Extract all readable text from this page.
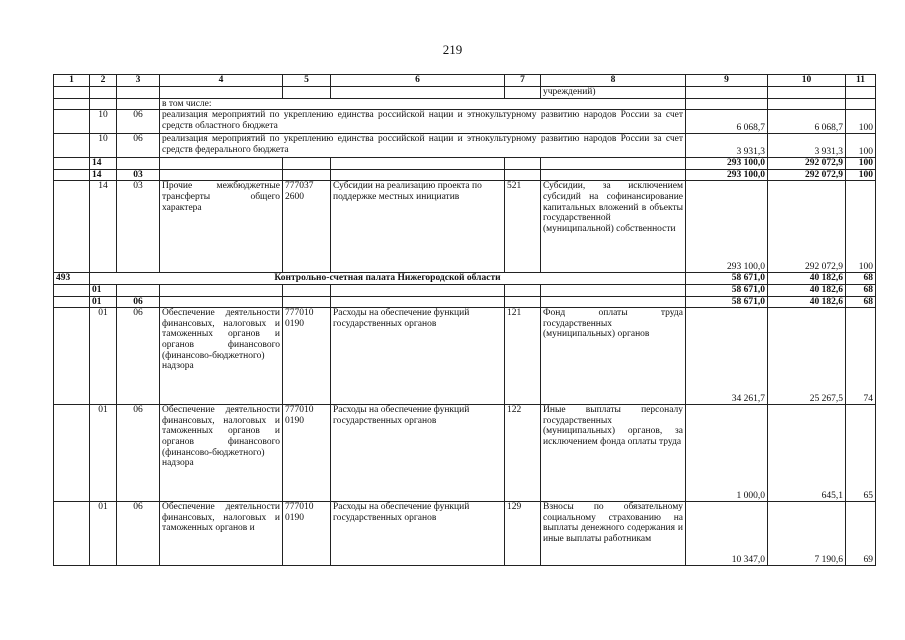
219
1	2	3	4	5	6	7	8	9	10	11
							учреждений)			
			в том числе:							
	10	06	реализация мероприятий по укреплению единства российской нации и этнокультурному развитию народов России за счет средств областного бюджета					6 068,7	6 068,7	100
	10	06	реализация мероприятий по укреплению единства российской нации и этнокультурному развитию народов России за счет средств федерального бюджета					3 931,3	3 931,3	100
	14							293 100,0	292 072,9	100
	14	03						293 100,0	292 072,9	100
	14	03	Прочие межбюджетные трансферты общего характера	777037 2600	Субсидии на реализацию проекта по поддержке местных инициатив	521	Субсидии, за исключением субсидий на софинансирование капитальных вложений в объекты государственной (муниципальной) собственности	293 100,0	292 072,9	100
493	Контрольно-счетная палата Нижегородской области							58 671,0	40 182,6	68
	01							58 671,0	40 182,6	68
	01	06						58 671,0	40 182,6	68
	01	06	Обеспечение деятельности финансовых, налоговых и таможенных органов и органов финансового (финансово-бюджетного) надзора	777010 0190	Расходы на обеспечение функций государственных органов	121	Фонд оплаты труда государственных (муниципальных) органов	34 261,7	25 267,5	74
	01	06	Обеспечение деятельности финансовых, налоговых и таможенных органов и органов финансового (финансово-бюджетного) надзора	777010 0190	Расходы на обеспечение функций государственных органов	122	Иные выплаты персоналу государственных (муниципальных) органов, за исключением фонда оплаты труда	1 000,0	645,1	65
	01	06	Обеспечение деятельности финансовых, налоговых и таможенных органов и	777010 0190	Расходы на обеспечение функций государственных органов	129	Взносы по обязательному социальному страхованию на выплаты денежного содержания и иные выплаты работникам	10 347,0	7 190,6	69
